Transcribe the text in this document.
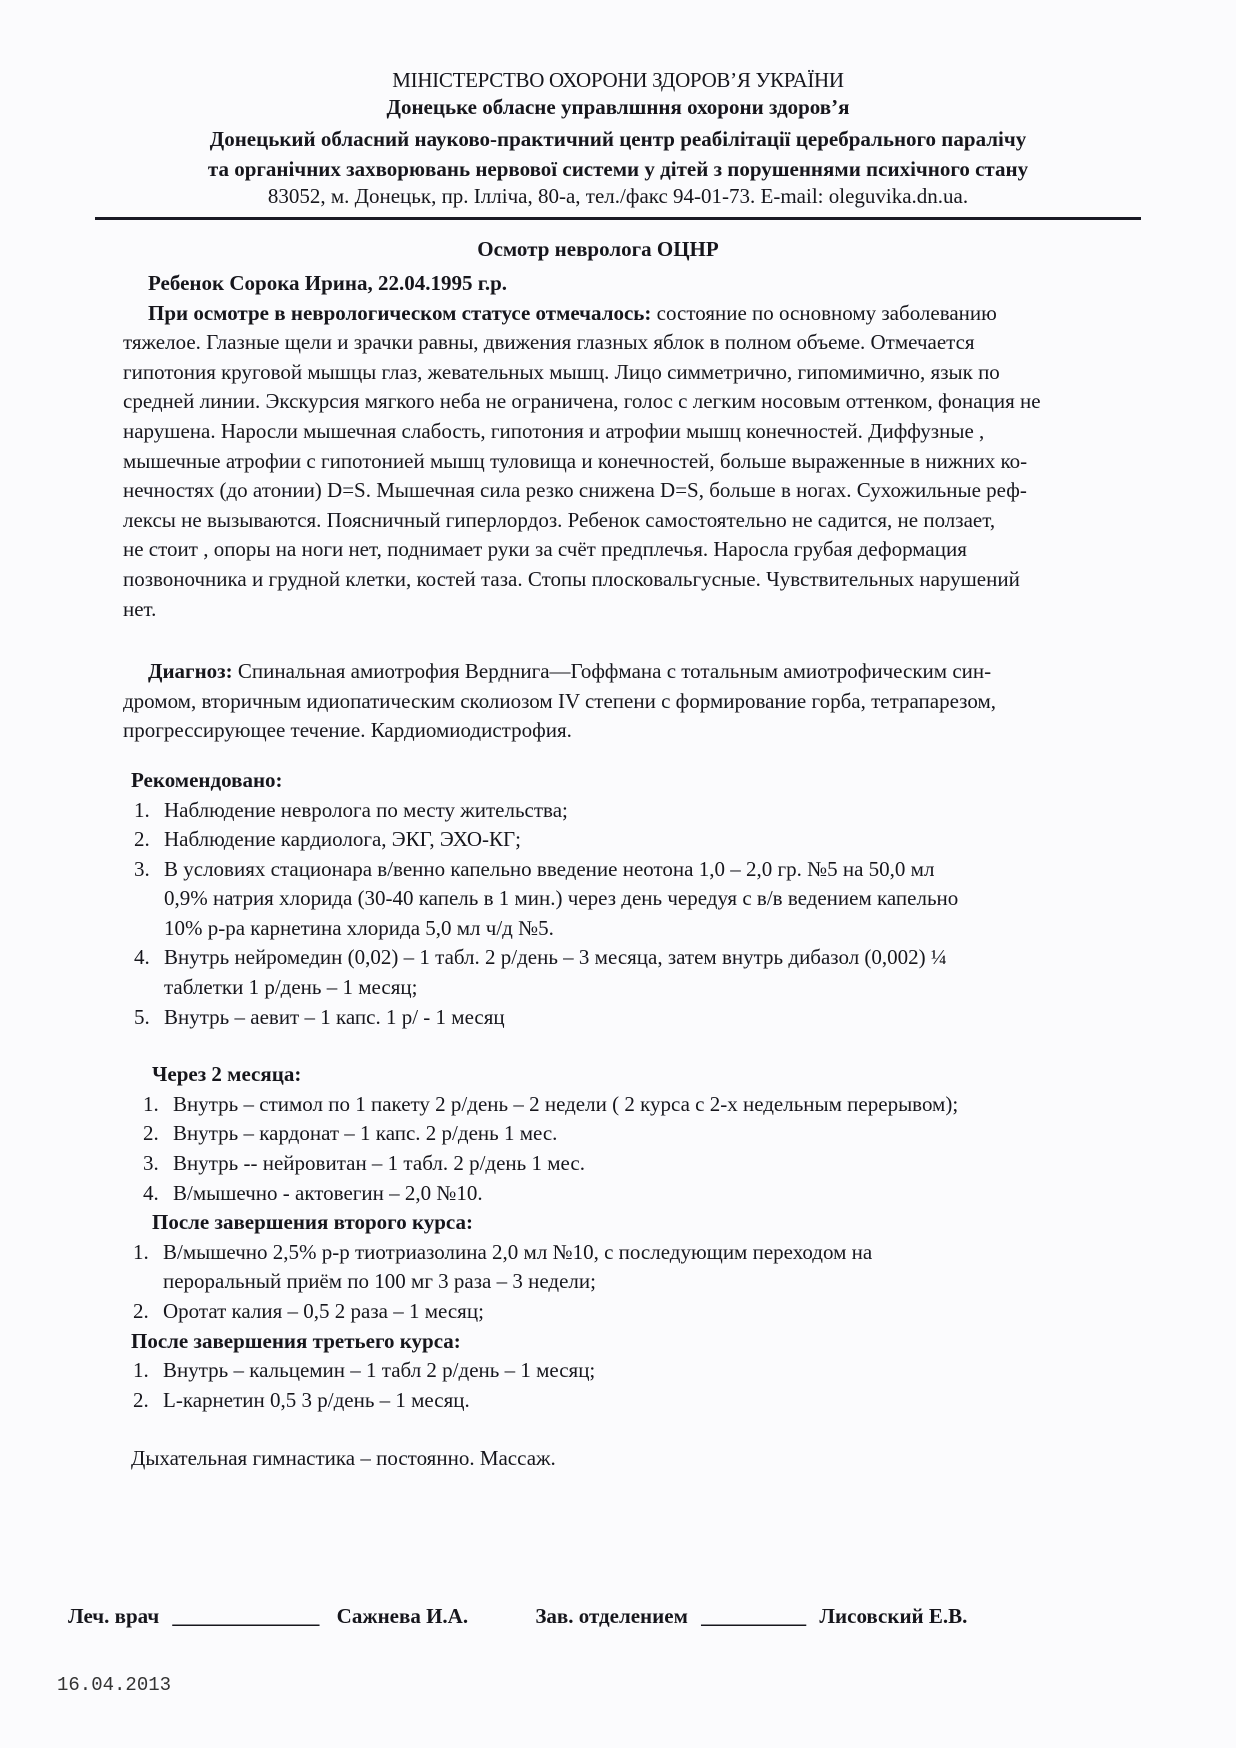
МІНІСТЕРСТВО ОХОРОНИ ЗДОРОВ’Я УКРАЇНИ
Донецьке обласне управлшння охорони здоров’я
Донецький обласний науково-практичний центр реабілітації церебрального паралічу
та органічних захворювань нервової системи у дітей з порушеннями психічного стану
83052, м. Донецьк, пр. Ілліча, 80-а, тел./факс 94-01-73. E-mail: oleguvika.dn.ua.
Осмотр невролога ОЦНР
Ребенок Сорока Ирина, 22.04.1995 г.р.
При осмотре в неврологическом статусе отмечалось: состояние по основному заболеванию
тяжелое. Глазные щели и зрачки равны, движения глазных яблок в полном объеме. Отмечается
гипотония круговой мышцы глаз, жевательных мышц. Лицо симметрично, гипомимично, язык по
средней линии. Экскурсия мягкого неба не ограничена, голос с легким носовым оттенком, фонация не
нарушена. Наросли мышечная слабость, гипотония и атрофии мышц конечностей. Диффузные ,
мышечные атрофии с гипотонией мышц туловища и конечностей, больше выраженные в нижних ко-
нечностях (до атонии) D=S. Мышечная сила резко снижена D=S, больше в ногах. Сухожильные реф-
лексы не вызываются. Поясничный гиперлордоз. Ребенок самостоятельно не садится, не ползает,
не стоит , опоры на ноги нет, поднимает руки за счёт предплечья. Наросла грубая деформация
позвоночника и грудной клетки, костей таза. Стопы плосковальгусные. Чувствительных нарушений
нет.
Диагноз: Спинальная амиотрофия Верднига—Гоффмана с тотальным амиотрофическим син-
дромом, вторичным идиопатическим сколиозом IV степени с формирование горба, тетрапарезом,
прогрессирующее течение. Кардиомиодистрофия.
Рекомендовано:
1. Наблюдение невролога по месту жительства;
2. Наблюдение кардиолога, ЭКГ, ЭХО-КГ;
3. В условиях стационара в/венно капельно введение неотона 1,0 – 2,0 гр. №5 на 50,0 мл
0,9% натрия хлорида (30-40 капель в 1 мин.) через день чередуя с в/в ведением капельно
10% р-ра карнетина хлорида 5,0 мл ч/д №5.
4. Внутрь нейромедин (0,02) – 1 табл. 2 р/день – 3 месяца, затем внутрь дибазол (0,002) ¼
таблетки 1 р/день – 1 месяц;
5. Внутрь – аевит – 1 капс. 1 р/ - 1 месяц
Через 2 месяца:
1. Внутрь – стимол по 1 пакету 2 р/день – 2 недели ( 2 курса с 2-х недельным перерывом);
2. Внутрь – кардонат – 1 капс. 2 р/день 1 мес.
3. Внутрь -- нейровитан – 1 табл. 2 р/день 1 мес.
4. В/мышечно - актовегин – 2,0 №10.
После завершения второго курса:
1. В/мышечно 2,5% р-р тиотриазолина 2,0 мл №10, с последующим переходом на
пероральный приём по 100 мг 3 раза – 3 недели;
2. Оротат калия – 0,5 2 раза – 1 месяц;
После завершения третьего курса:
1. Внутрь – кальцемин – 1 табл 2 р/день – 1 месяц;
2. L-карнетин 0,5 3 р/день – 1 месяц.
Дыхательная гимнастика – постоянно. Массаж.
Леч. врач ______________ Сажнева И.А.	Зав. отделением __________ Лисовский Е.В.
16.04.2013
